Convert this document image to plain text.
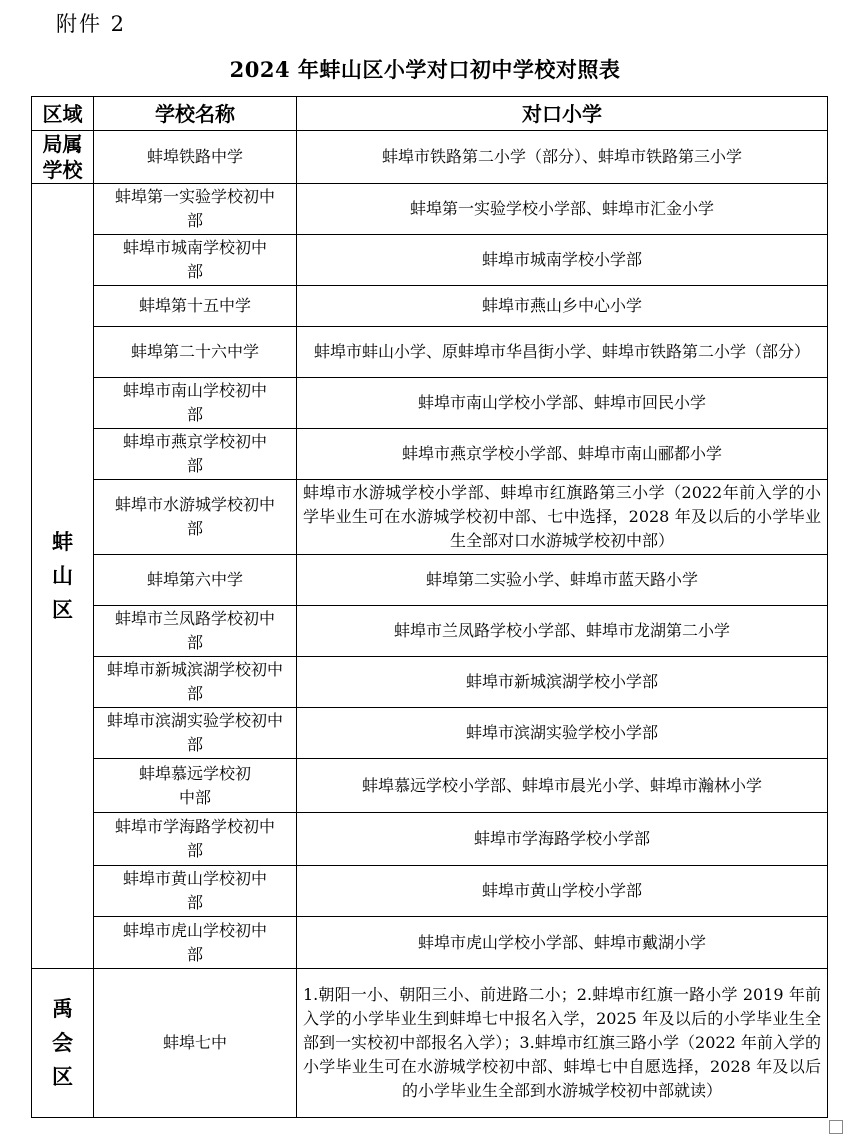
附件 2
2024 年蚌山区小学对口初中学校对照表
区域	学校名称	对口小学
局属学校	蚌埠铁路中学	蚌埠市铁路第二小学（部分）、蚌埠市铁路第三小学
蚌山区	蚌埠第一实验学校初中部	蚌埠第一实验学校小学部、蚌埠市汇金小学
	蚌埠市城南学校初中部	蚌埠市城南学校小学部
	蚌埠第十五中学	蚌埠市燕山乡中心小学
	蚌埠第二十六中学	蚌埠市蚌山小学、原蚌埠市华昌街小学、蚌埠市铁路第二小学（部分）
	蚌埠市南山学校初中部	蚌埠市南山学校小学部、蚌埠市回民小学
	蚌埠市燕京学校初中部	蚌埠市燕京学校小学部、蚌埠市南山郦都小学
	蚌埠市水游城学校初中部	蚌埠市水游城学校小学部、蚌埠市红旗路第三小学（2022年前入学的小学毕业生可在水游城学校初中部、七中选择，2028 年及以后的小学毕业生全部对口水游城学校初中部）
	蚌埠第六中学	蚌埠第二实验小学、蚌埠市蓝天路小学
	蚌埠市兰凤路学校初中部	蚌埠市兰凤路学校小学部、蚌埠市龙湖第二小学
	蚌埠市新城滨湖学校初中部	蚌埠市新城滨湖学校小学部
	蚌埠市滨湖实验学校初中部	蚌埠市滨湖实验学校小学部
	蚌埠慕远学校初中部	蚌埠慕远学校小学部、蚌埠市晨光小学、蚌埠市瀚林小学
	蚌埠市学海路学校初中部	蚌埠市学海路学校小学部
	蚌埠市黄山学校初中部	蚌埠市黄山学校小学部
	蚌埠市虎山学校初中部	蚌埠市虎山学校小学部、蚌埠市戴湖小学
禹会区	蚌埠七中	1.朝阳一小、朝阳三小、前进路二小；2.蚌埠市红旗一路小学 2019 年前入学的小学毕业生到蚌埠七中报名入学，2025 年及以后的小学毕业生全部到一实校初中部报名入学）；3.蚌埠市红旗三路小学（2022 年前入学的小学毕业生可在水游城学校初中部、蚌埠七中自愿选择，2028 年及以后的小学毕业生全部到水游城学校初中部就读）
